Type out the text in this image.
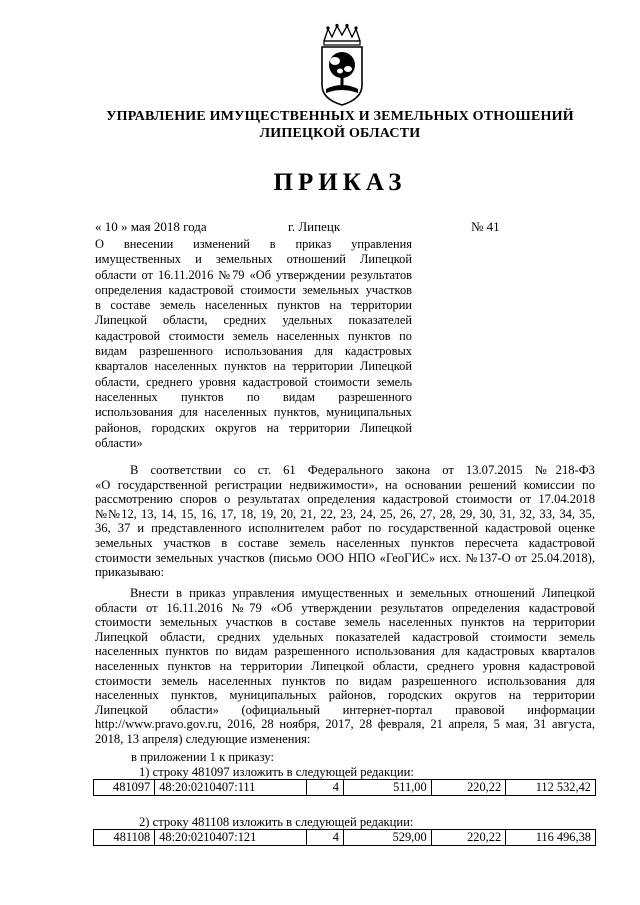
УПРАВЛЕНИЕ ИМУЩЕСТВЕННЫХ И ЗЕМЕЛЬНЫХ ОТНОШЕНИЙ
ЛИПЕЦКОЙ ОБЛАСТИ
ПРИКАЗ
« 10 » мая 2018 года	г. Липецк	№ 41
О внесении изменений в приказ управления
имущественных и земельных отношений Липецкой
области от 16.11.2016 №79 «Об утверждении результатов
определения кадастровой стоимости земельных участков
в составе земель населенных пунктов на территории
Липецкой области, средних удельных показателей
кадастровой стоимости земель населенных пунктов по
видам разрешенного использования для кадастровых
кварталов населенных пунктов на территории Липецкой
области, среднего уровня кадастровой стоимости земель
населенных пунктов по видам разрешенного
использования для населенных пунктов, муниципальных
районов, городских округов на территории Липецкой
области»
В соответствии со ст. 61 Федерального закона от 13.07.2015 №218-ФЗ
«О государственной регистрации недвижимости», на основании решений комиссии по
рассмотрению споров о результатах определения кадастровой стоимости от 17.04.2018
№№12, 13, 14, 15, 16, 17, 18, 19, 20, 21, 22, 23, 24, 25, 26, 27, 28, 29, 30, 31, 32, 33, 34, 35,
36, 37 и представленного исполнителем работ по государственной кадастровой оценке
земельных участков в составе земель населенных пунктов пересчета кадастровой
стоимости земельных участков (письмо ООО НПО «ГеоГИС» исх. №137-О от 25.04.2018),
приказываю:
Внести в приказ управления имущественных и земельных отношений Липецкой
области от 16.11.2016 №79 «Об утверждении результатов определения кадастровой
стоимости земельных участков в составе земель населенных пунктов на территории
Липецкой области, средних удельных показателей кадастровой стоимости земель
населенных пунктов по видам разрешенного использования для кадастровых кварталов
населенных пунктов на территории Липецкой области, среднего уровня кадастровой
стоимости земель населенных пунктов по видам разрешенного использования для
населенных пунктов, муниципальных районов, городских округов на территории
Липецкой области» (официальный интернет-портал правовой информации
http://www.pravo.gov.ru, 2016, 28 ноября, 2017, 28 февраля, 21 апреля, 5 мая, 31 августа,
2018, 13 апреля) следующие изменения:
в приложении 1 к приказу:
1) строку 481097 изложить в следующей редакции:
481097	48:20:0210407:111	4	511,00	220,22	112 532,42
2) строку 481108 изложить в следующей редакции:
481108	48:20:0210407:121	4	529,00	220,22	116 496,38
